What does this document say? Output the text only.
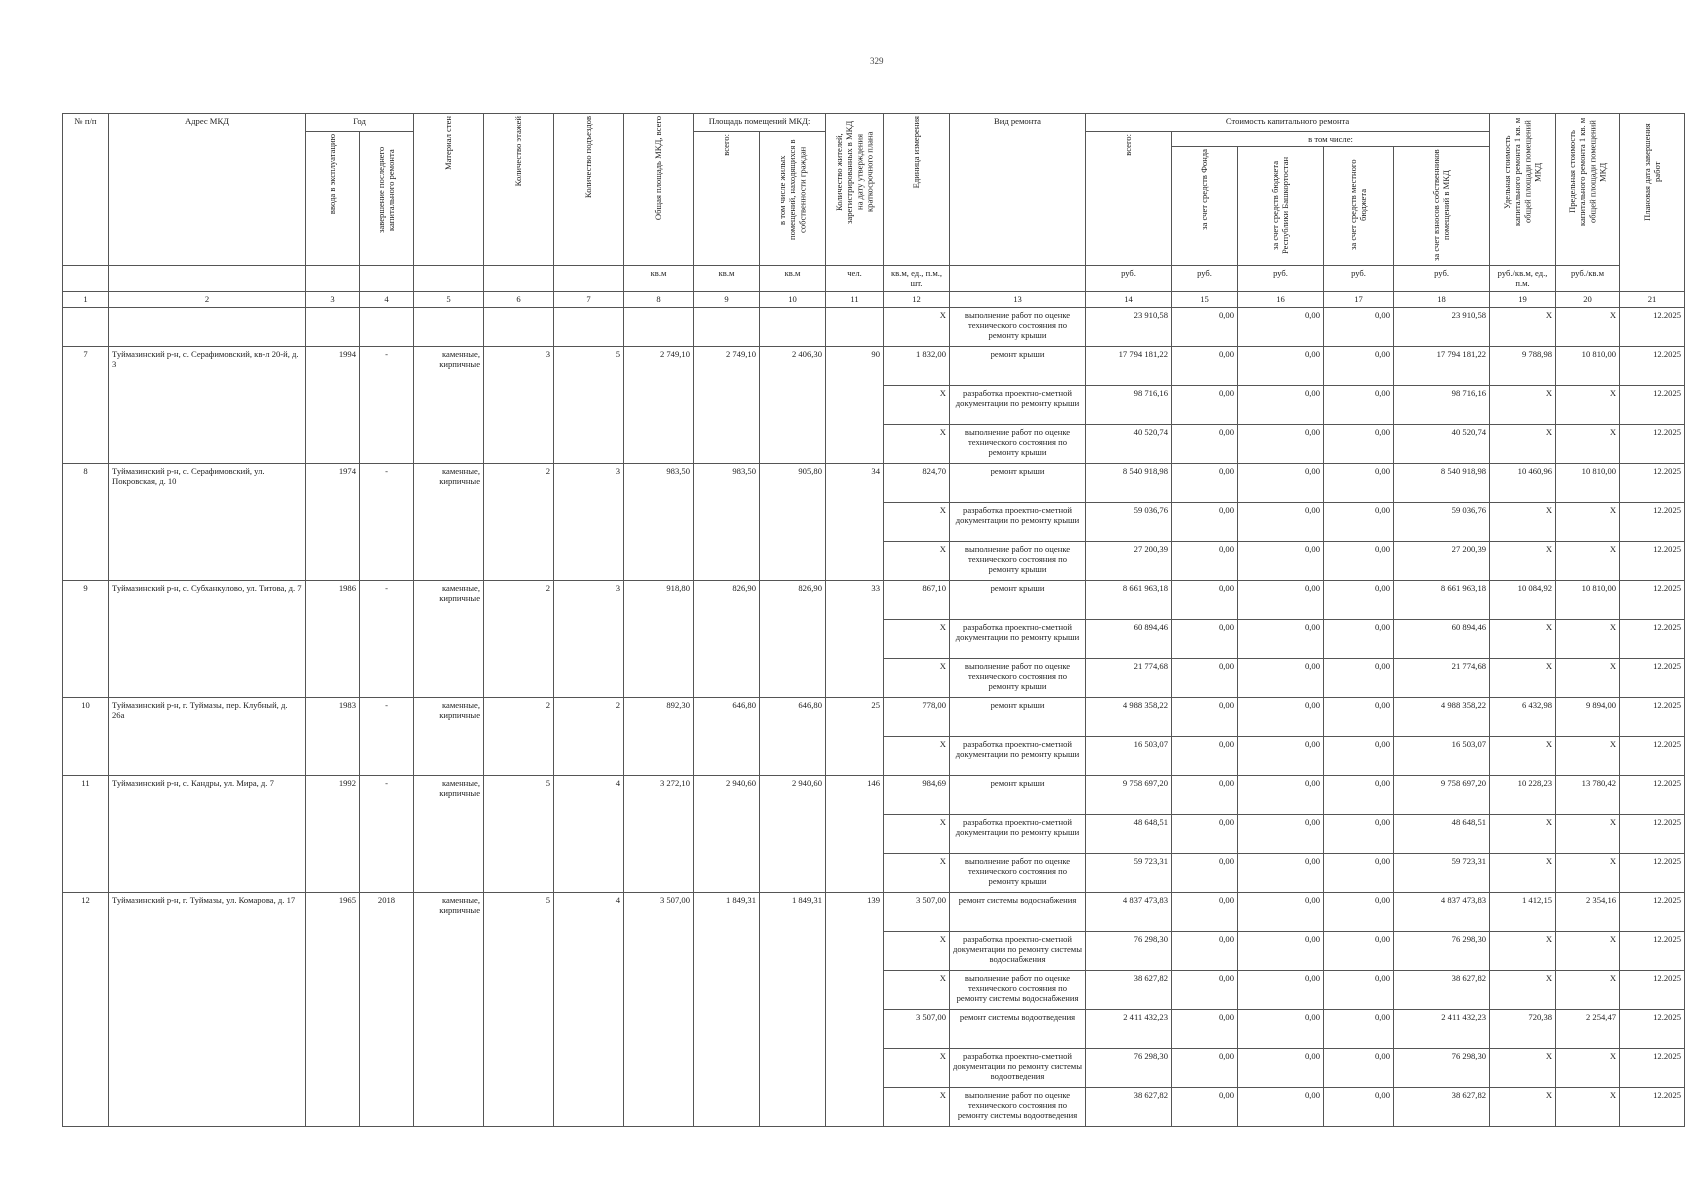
329
№ п/п	Адрес МКД	Год		Материал стен	Количество этажей	Количество подъездов	Общая площадь МКД, всего	Площадь помещений МКД:		Количество жителей, зарегистрированных в МКД на дату утверждения краткосрочного плана	Единица измерения	Вид ремонта	Стоимость капитального ремонта					Удельная стоимость капитального ремонта 1 кв. м общей площади помещений МКД	Предельная стоимость капитального ремонта 1 кв. м общей площади помещений МКД	Плановая дата завершения работ
		ввода в эксплуатацию	завершение последнего капитального ремонта					всего:	в том числе жилых помещений, находящихся в собственности граждан				всего:	в том числе:						
														за счет средств Фонда	за счет средств бюджета Республики Башкортостан	за счет средств местного бюджета	за счет взносов собственников помещений в МКД			
							кв.м	кв.м	кв.м	чел.	кв.м, ед., п.м., шт.		руб.	руб.	руб.	руб.	руб.	руб./кв.м, ед., п.м.	руб./кв.м	
1	2	3	4	5	6	7	8	9	10	11	12	13	14	15	16	17	18	19	20	21
											X	выполнение работ по оценке технического состояния по ремонту крыши	23 910,58	0,00	0,00	0,00	23 910,58	X	X	12.2025
7	Туймазинский р-н, с. Серафимовский, кв-л 20-й, д. 3	1994	-	каменные, кирпичные	3	5	2 749,10	2 749,10	2 406,30	90	1 832,00	ремонт крыши	17 794 181,22	0,00	0,00	0,00	17 794 181,22	9 788,98	10 810,00	12.2025
											X	разработка проектно-сметной документации по ремонту крыши	98 716,16	0,00	0,00	0,00	98 716,16	X	X	12.2025
											X	выполнение работ по оценке технического состояния по ремонту крыши	40 520,74	0,00	0,00	0,00	40 520,74	X	X	12.2025
8	Туймазинский р-н, с. Серафимовский, ул. Покровская, д. 10	1974	-	каменные, кирпичные	2	3	983,50	983,50	905,80	34	824,70	ремонт крыши	8 540 918,98	0,00	0,00	0,00	8 540 918,98	10 460,96	10 810,00	12.2025
											X	разработка проектно-сметной документации по ремонту крыши	59 036,76	0,00	0,00	0,00	59 036,76	X	X	12.2025
											X	выполнение работ по оценке технического состояния по ремонту крыши	27 200,39	0,00	0,00	0,00	27 200,39	X	X	12.2025
9	Туймазинский р-н, с. Субханкулово, ул. Титова, д. 7	1986	-	каменные, кирпичные	2	3	918,80	826,90	826,90	33	867,10	ремонт крыши	8 661 963,18	0,00	0,00	0,00	8 661 963,18	10 084,92	10 810,00	12.2025
											X	разработка проектно-сметной документации по ремонту крыши	60 894,46	0,00	0,00	0,00	60 894,46	X	X	12.2025
											X	выполнение работ по оценке технического состояния по ремонту крыши	21 774,68	0,00	0,00	0,00	21 774,68	X	X	12.2025
10	Туймазинский р-н, г. Туймазы, пер. Клубный, д. 26а	1983	-	каменные, кирпичные	2	2	892,30	646,80	646,80	25	778,00	ремонт крыши	4 988 358,22	0,00	0,00	0,00	4 988 358,22	6 432,98	9 894,00	12.2025
											X	разработка проектно-сметной документации по ремонту крыши	16 503,07	0,00	0,00	0,00	16 503,07	X	X	12.2025
11	Туймазинский р-н, с. Кандры, ул. Мира, д. 7	1992	-	каменные, кирпичные	5	4	3 272,10	2 940,60	2 940,60	146	984,69	ремонт крыши	9 758 697,20	0,00	0,00	0,00	9 758 697,20	10 228,23	13 780,42	12.2025
											X	разработка проектно-сметной документации по ремонту крыши	48 648,51	0,00	0,00	0,00	48 648,51	X	X	12.2025
											X	выполнение работ по оценке технического состояния по ремонту крыши	59 723,31	0,00	0,00	0,00	59 723,31	X	X	12.2025
12	Туймазинский р-н, г. Туймазы, ул. Комарова, д. 17	1965	2018	каменные, кирпичные	5	4	3 507,00	1 849,31	1 849,31	139	3 507,00	ремонт системы водоснабжения	4 837 473,83	0,00	0,00	0,00	4 837 473,83	1 412,15	2 354,16	12.2025
											X	разработка проектно-сметной документации по ремонту системы водоснабжения	76 298,30	0,00	0,00	0,00	76 298,30	X	X	12.2025
											X	выполнение работ по оценке технического состояния по ремонту системы водоснабжения	38 627,82	0,00	0,00	0,00	38 627,82	X	X	12.2025
											3 507,00	ремонт системы водоотведения	2 411 432,23	0,00	0,00	0,00	2 411 432,23	720,38	2 254,47	12.2025
											X	разработка проектно-сметной документации по ремонту системы водоотведения	76 298,30	0,00	0,00	0,00	76 298,30	X	X	12.2025
											X	выполнение работ по оценке технического состояния по ремонту системы водоотведения	38 627,82	0,00	0,00	0,00	38 627,82	X	X	12.2025
